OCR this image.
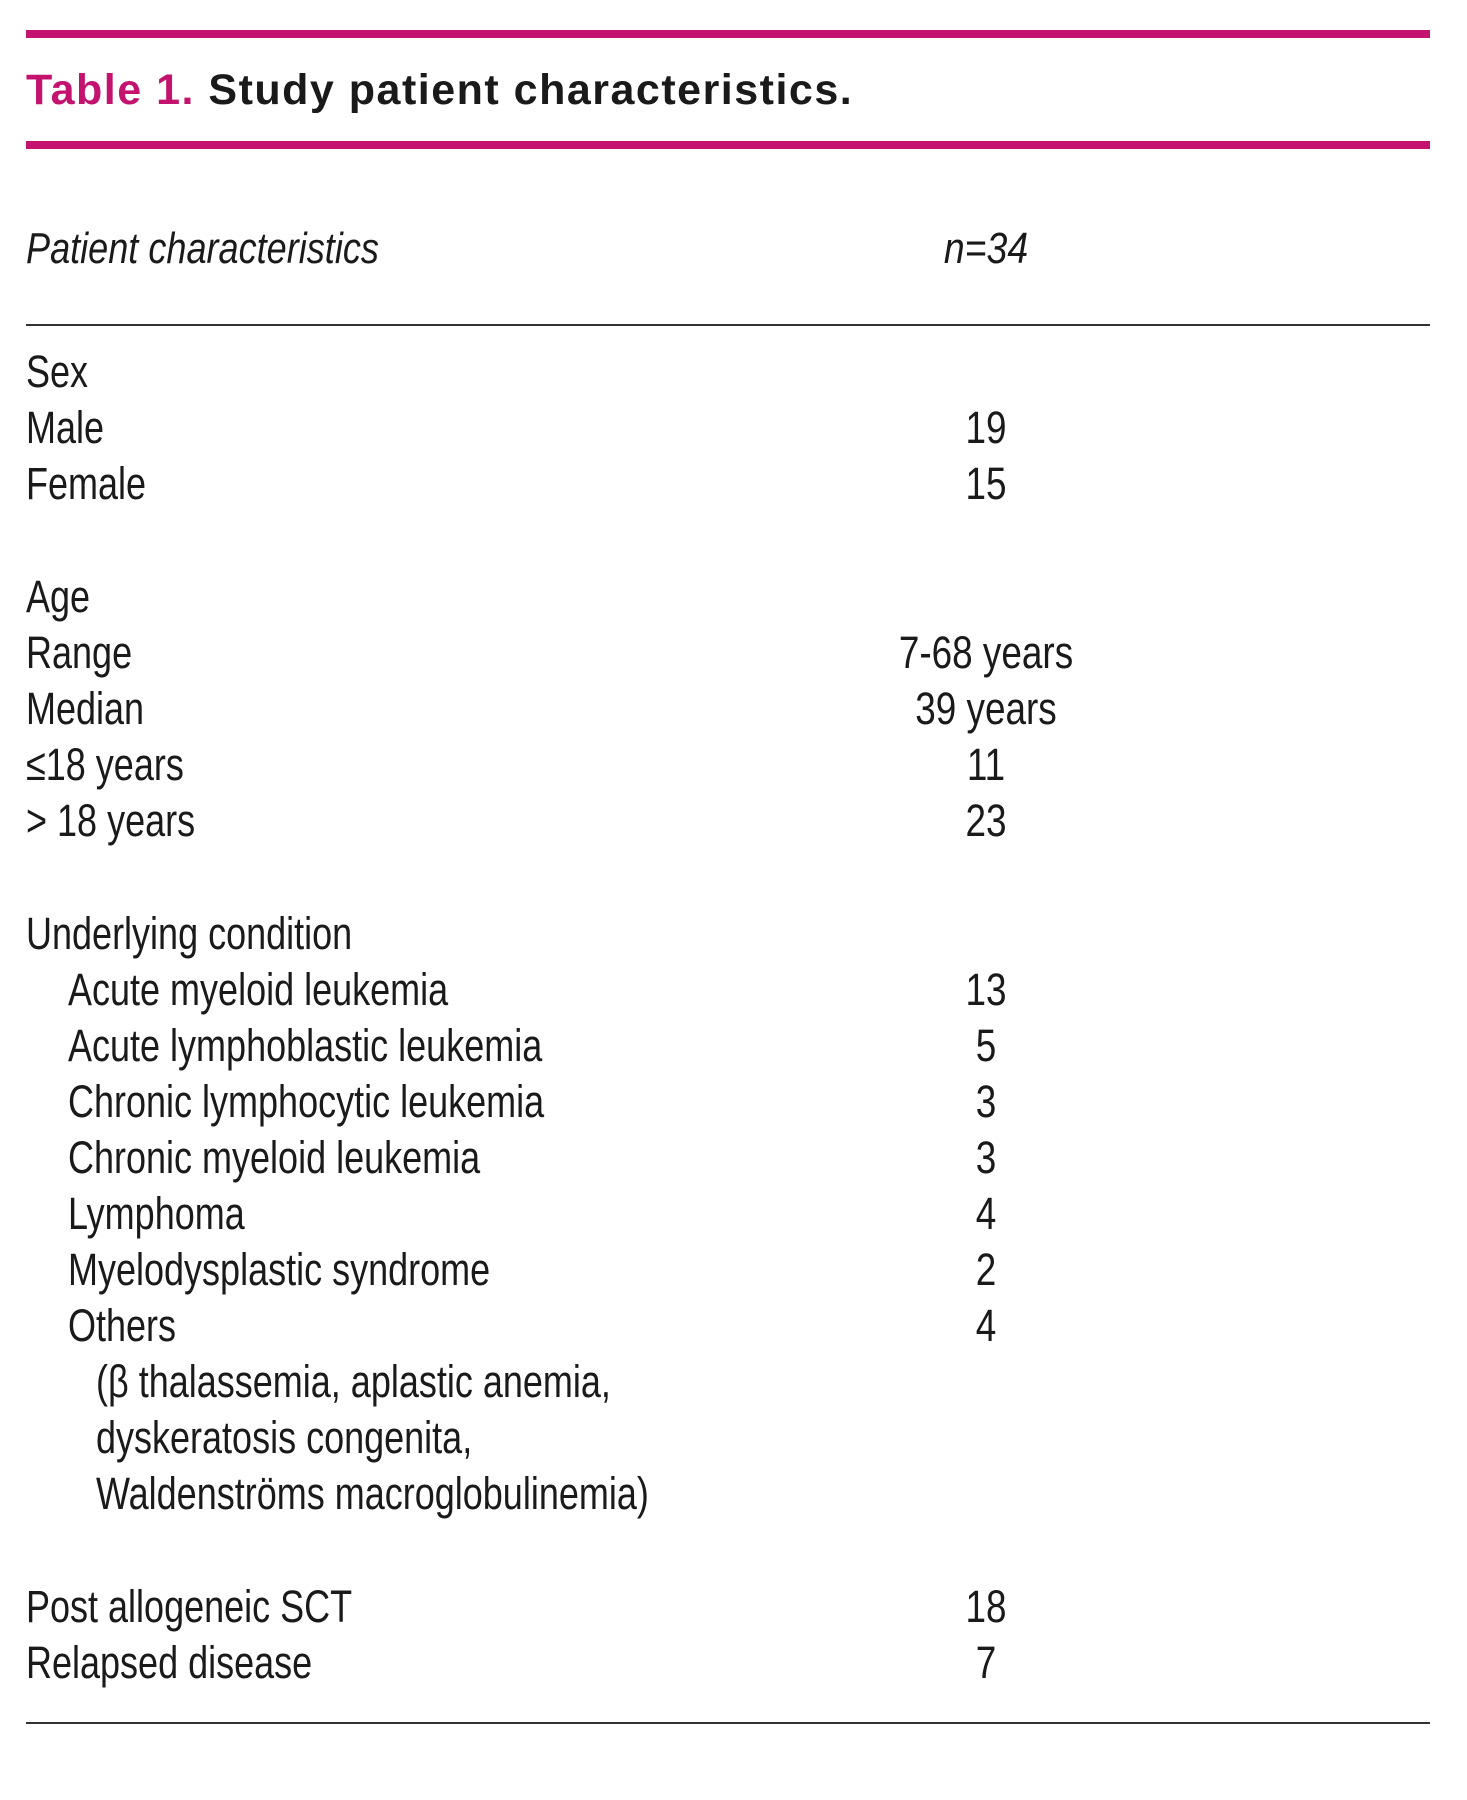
Table 1. Study patient characteristics.
Patient characteristics	n=34
Sex
Male	19
Female	15
Age
Range	7-68 years
Median	39 years
≤18 years	11
> 18 years	23
Underlying condition
Acute myeloid leukemia	13
Acute lymphoblastic leukemia	5
Chronic lymphocytic leukemia	3
Chronic myeloid leukemia	3
Lymphoma	4
Myelodysplastic syndrome	2
Others	4
(β thalassemia, aplastic anemia,
dyskeratosis congenita,
Waldenströms macroglobulinemia)
Post allogeneic SCT	18
Relapsed disease	7
